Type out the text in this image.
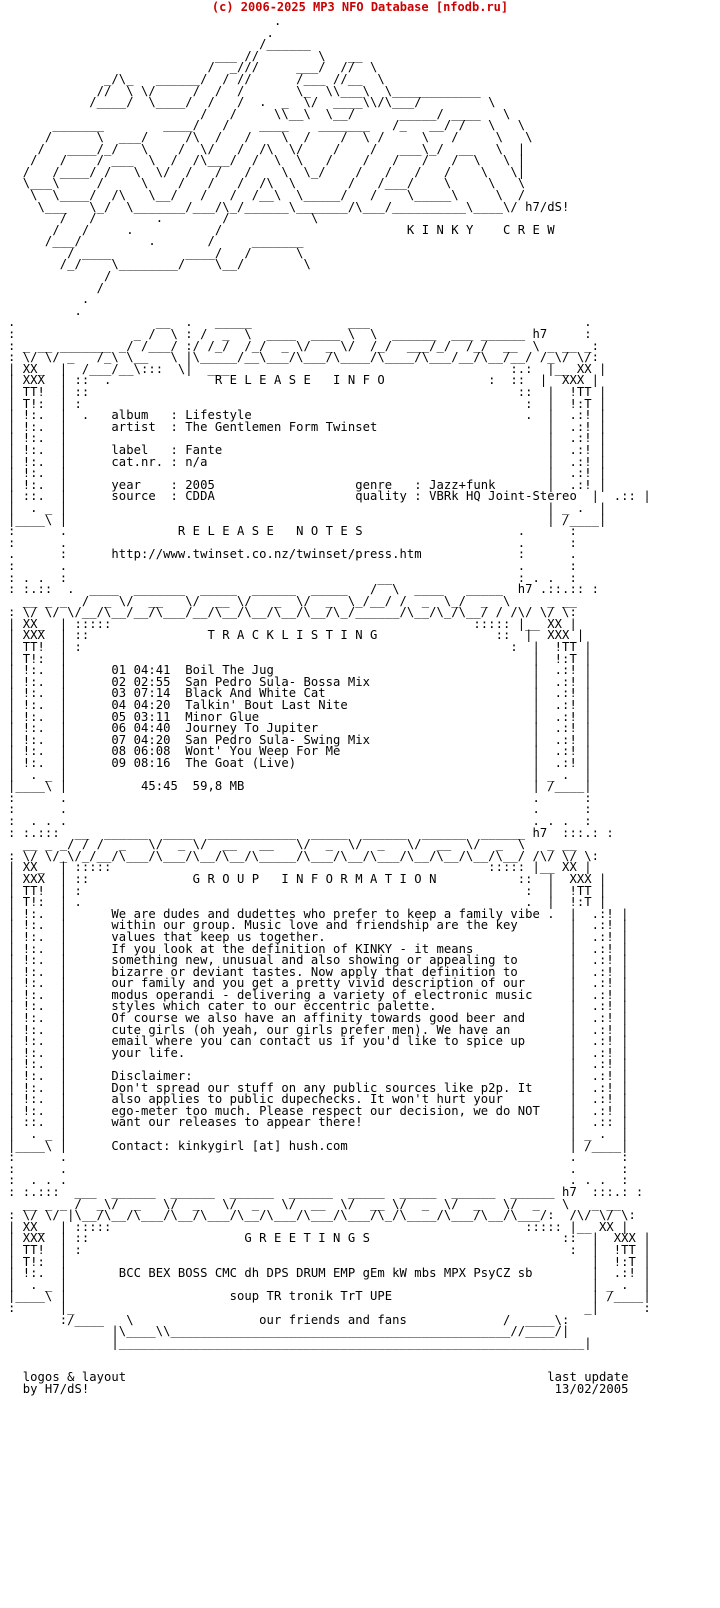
(c) 2006-2025 MP3 NFO Database [nfodb.ru]
.
.
/______
___ //        \   __
/  _///     ___/  //  \
_/\_   ______/  / //      /___ //__  \
//  \ \/     /  /  /       \_  \\___\  \____________
/____/  \____/  /   /  .  _  \/  ____\\/\___/         \
/   /     \\__\  \__/      _____/ ____   \
_______        ____/   /    ____    _______   /_   __/ /   \   \
/      \  ___/     /\  /   /    \  /    /  \ /     \   /     \   \
/   ____/_/   \    /  \/   /  /\  \/    /    /   ___\_/  __   \  |
/   /    / ___  \  /  /\___/  /  \  \   /    /   /   /   /  \   \ |
/   /____/ /   \  \/  /   /   /    \  \_/    /   /   /   /    \   \|
\___\     /     \    /   /   /  /\  \       /   /___/    \     \   \
\  \____/  /\   \__/   /   /  /__\  \_____/   /    \_____\     \  /
\___   \_/  \_______/___/\_/______\_______/\___/__________\____\/ h7/dS!
/   /        .        /           \
/   /     .           /                         K I N K Y    C R E W
/___/         .       /     _______
/ ____          ____/   /      \
/_/    \________/    \__/        \
/
/
.
.
.                   __  .   _____             ___                             .
:                _ /  \ : /  _  \  ____  ____ \  \  ______  ___ ______ h7     :
: _ __ _______ _/ /___/ :/ /_/  /_/  _ \/  _ \/  /_/  ___/_/  /_/  __  \ _ __ _:
: \/ \/ _   /_\ \__   \ |\_____/__\___/\___/\____/\____/\___/__/\__/__/ /_\/ \/:
| XX_  |  /___/__\:::  \|  ___                                      :.:  |__ XX |
| XXX  | ::  .              R E L E A S E   I N F O              :  ::  |  XXX |
| TT!  | ::                                                          ::  |  !TT |
| T!:  | :                                                            :  |  !:T |
| !:.  |  .   album   : Lifestyle                                     .  |  .:! |
| !:.  |      artist  : The Gentlemen Form Twinset                       |  .:! |
| !:.  |                                                                 |  .:! |
| !:.  |      label   : Fante                                            |  .:! |
| !:.  |      cat.nr. : n/a                                              |  .:! |
| !:.  |                                                                 |  .:! |
| !:.  |      year    : 2005                   genre   : Jazz+funk       |  .:! |
| ::.  |      source  : CDDA                   quality : VBRk HQ Joint-Stereo  |  .:: |
|  . _ |                                                                 | _ .  |
|____\ |                                                                 | /____|
:      .               R E L E A S E   N O T E S                     .      :
:      .                                                             .      :
.      :      http://www.twinset.co.nz/twinset/press.htm             :      .
:      .                                                             .      :
: . .  :                                          __                 : . .  :
: :.::  .  ____  _______  _____  ______  _____   /  \  ____   _____  h7 .::.:: :
__ _ _  /  _ \/  __   \/  __ \/   _  \/  _  \_/__/ /  _  \_/  _  \     _ __
: \/ \/ \/__/\__/__/\___/__/\__/\__/\__/\__/\_/______/\__/\_/\__/ / /\/ \/ \:
| XX_  | :::::                                                 ::::: |__ XX |
| XXX  | ::                T R A C K L I S T I N G                ::  |  XXX |
| TT!  | :                                                          :  |  !TT |
| T!:  |                                                               |  !:T |
| !:.  |      01 04:41  Boil The Jug                                   |  .:! |
| !:.  |      02 02:55  San Pedro Sula- Bossa Mix                      |  .:! |
| !:.  |      03 07:14  Black And White Cat                            |  .:! |
| !:.  |      04 04:20  Talkin' Bout Last Nite                         |  .:! |
| !:.  |      05 03:11  Minor Glue                                     |  .:! |
| !:.  |      06 04:40  Journey To Jupiter                             |  .:! |
| !:.  |      07 04:20  San Pedro Sula- Swing Mix                      |  .:! |
| !:.  |      08 06:08  Wont' You Weep For Me                          |  .:! |
| !:.  |      09 08:16  The Goat (Live)                                |  .:! |
|  . _ |                                                               | _ .  |
|____\ |          45:45  59,8 MB                                       | /____|
:      .                                                               .      :
:      .                                                               .      :
:  . . .                                                               . . .  :
: :.:::  __  ______  ____  ____________  _____  ______  ______  ______ h7  :::.: :
__ _ _/ / /  _   \/  _ \/  __   __   \/  _  \/  _   \/  __  \/  _  \   _ __
: \/ \/_\/_/__/\___/\___/\__/\__/\_____/\___/\__/\___/\__/\__/\__/\__/ /\/ \/ \:
| XX_  | :::::                                                   ::::: |__ XX |
| XXX  | ::              G R O U P   I N F O R M A T I O N           ::  |  XXX |
| TT!  | :                                                            :  |  !TT |
| T!:  | .                                                            .  |  !:T |
| !:.  |      We are dudes and dudettes who prefer to keep a family vibe .  |  .:! |
| !:.  |      within our group. Music love and friendship are the key       |  .:! |
| !:.  |      values that keep us together.                                 |  .:! |
| !:.  |      If you look at the definition of KINKY - it means             |  .:! |
| !:.  |      something new, unusual and also showing or appealing to       |  .:! |
| !:.  |      bizarre or deviant tastes. Now apply that definition to       |  .:! |
| !:.  |      our family and you get a pretty vivid description of our      |  .:! |
| !:.  |      modus operandi - delivering a variety of electronic music     |  .:! |
| !:.  |      styles which cater to our eccentric palette.                  |  .:! |
| !:.  |      Of course we also have an affinity towards good beer and      |  .:! |
| !:.  |      cute girls (oh yeah, our girls prefer men). We have an        |  .:! |
| !:.  |      email where you can contact us if you'd like to spice up      |  .:! |
| !:.  |      your life.                                                    |  .:! |
| !:.  |                                                                    |  .:! |
| !:.  |      Disclaimer:                                                   |  .:! |
| !:.  |      Don't spread our stuff on any public sources like p2p. It     |  .:! |
| !:.  |      also applies to public dupechecks. It won't hurt your         |  .:! |
| !:.  |      ego-meter too much. Please respect our decision, we do NOT    |  .:! |
| ::.  |      want our releases to appear there!                            |  .:: |
|  . _ |                                                                    | _ .  |
|____\ |      Contact: kinkygirl [at] hush.com                              | /____|
:      .                                                                    .      :
:      .                                                                    .      :
:  . . .                                                                    . . .  :
: :.:::  ___  ______  ______  ______  ______  _____  _____  ______  ______ h7  :::.: :
__ _ _ /  _\/  _   \/  _   \/  _   \/  __  \/  __ \/  _  \/  _   \/  _   \   _ __
: \/ \/ |\__/\__/\___/\__/\___/\__/\___/\___/\___/\_/\____/\___/\__/\___/:  /\/ \/ \:
| XX_  | :::::                                                        ::::: |__ XX |
| XXX  | ::                     G R E E T I N G S                          ::  |  XXX |
| TT!  | :                                                                  :  |  !TT |
| T!:  |                                                                       |  !:T |
| !:.  |       BCC BEX BOSS CMC dh DPS DRUM EMP gEm kW mbs MPX PsyCZ sb        |  .:! |
|  . _ |                                                                       | _ .  |
|____\ |                      soup TR tronik TrT UPE                           | /____|
:      |_                                                                     _|      :
:/____   \                 our friends and fans             /  ____\:
|\____\\______________________________________________//____/|
|_______________________________________________________________|

logos & layout                                                         last update
by H7/dS!                                                               13/02/2005
